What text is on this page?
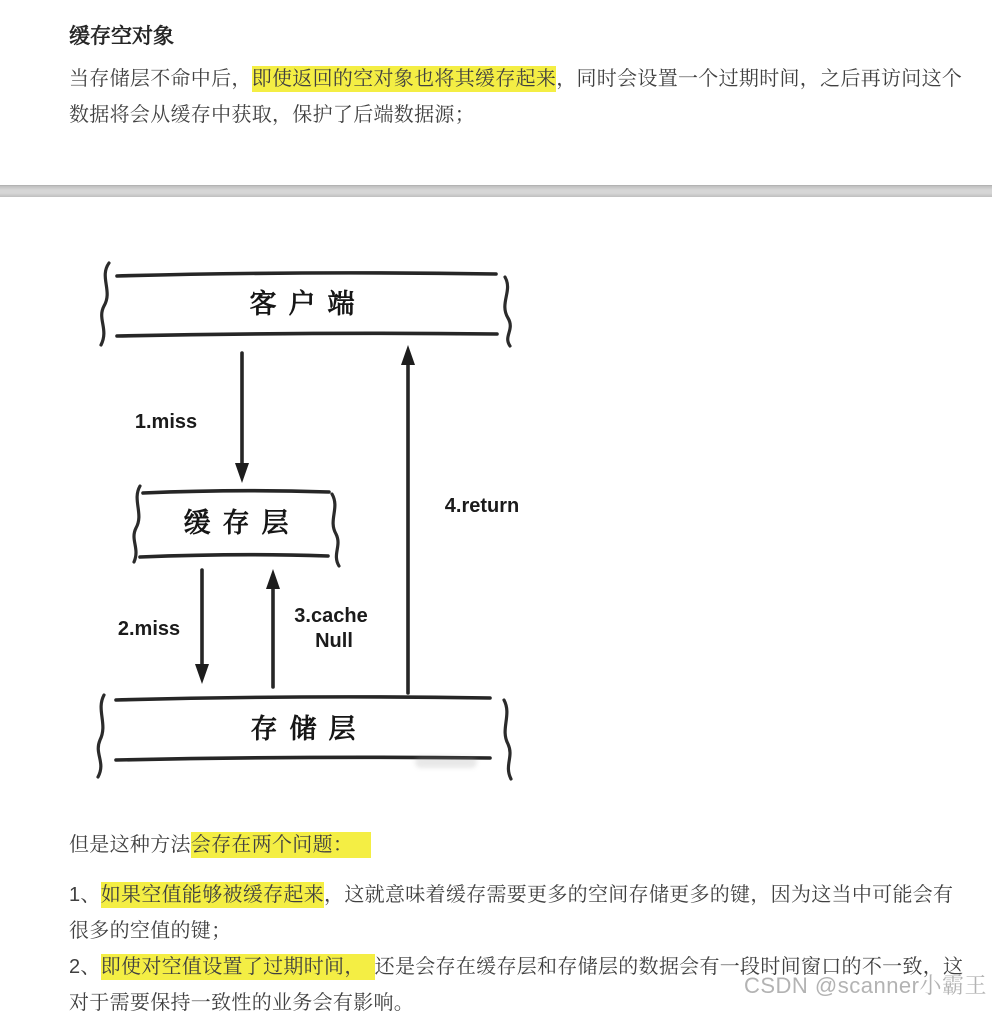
缓存空对象

当存储层不命中后，即使返回的空对象也将其缓存起来，同时会设置一个过期时间，之后再访问这个数据将会从缓存中获取，保护了后端数据源；

客户端
缓存层
存储层
1.miss
2.miss
3.cache
Null
4.return

但是这种方法会存在两个问题：

1、如果空值能够被缓存起来，这就意味着缓存需要更多的空间存储更多的键，因为这当中可能会有很多的空值的键；

2、即使对空值设置了过期时间， 还是会存在缓存层和存储层的数据会有一段时间窗口的不一致，这对于需要保持一致性的业务会有影响。

CSDN @scanner小霸王
